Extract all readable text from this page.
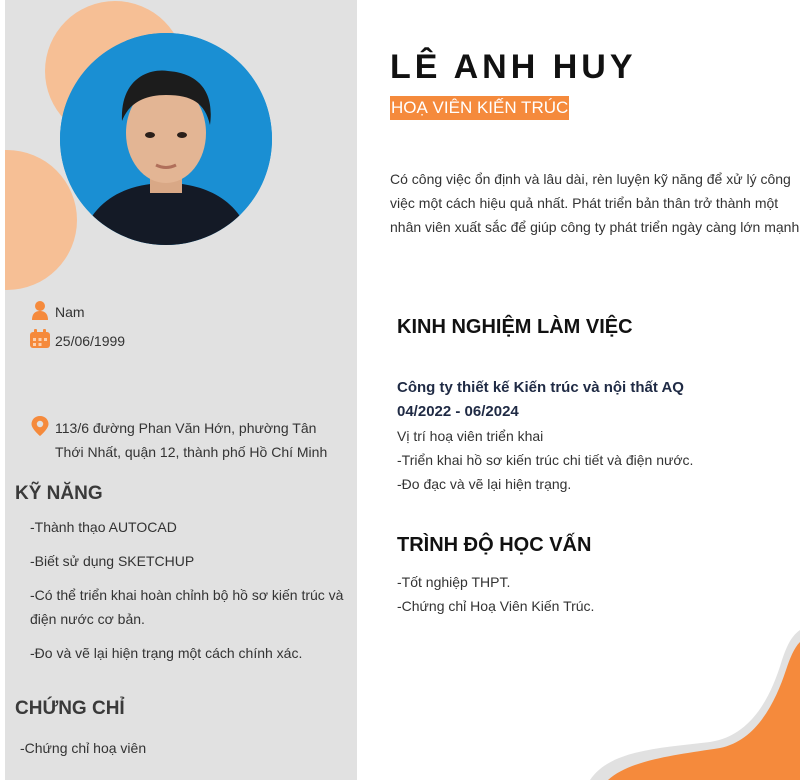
Nam
25/06/1999
113/6 đường Phan Văn Hớn, phường Tân
Thới Nhất, quận 12, thành phố Hồ Chí Minh
KỸ NĂNG
-Thành thạo AUTOCAD
-Biết sử dụng SKETCHUP
-Có thể triển khai hoàn chỉnh bộ hồ sơ kiến trúc và điện nước cơ bản.
-Đo và vẽ lại hiện trạng một cách chính xác.
CHỨNG CHỈ
-Chứng chỉ hoạ viên
LÊ ANH HUY
HOẠ VIÊN KIẾN TRÚC
Có công việc ổn định và lâu dài, rèn luyện kỹ năng để xử lý công việc một cách hiệu quả nhất. Phát triển bản thân trở thành một nhân viên xuất sắc để giúp công ty phát triển ngày càng lớn mạnh
KINH NGHIỆM LÀM VIỆC
Công ty thiết kế Kiến trúc và nội thất AQ
04/2022 - 06/2024
Vị trí hoạ viên triển khai
-Triển khai hồ sơ kiến trúc chi tiết và điện nước.
-Đo đạc và vẽ lại hiện trạng.
TRÌNH ĐỘ HỌC VẤN
-Tốt nghiệp THPT.
-Chứng chỉ Hoạ Viên Kiến Trúc.
